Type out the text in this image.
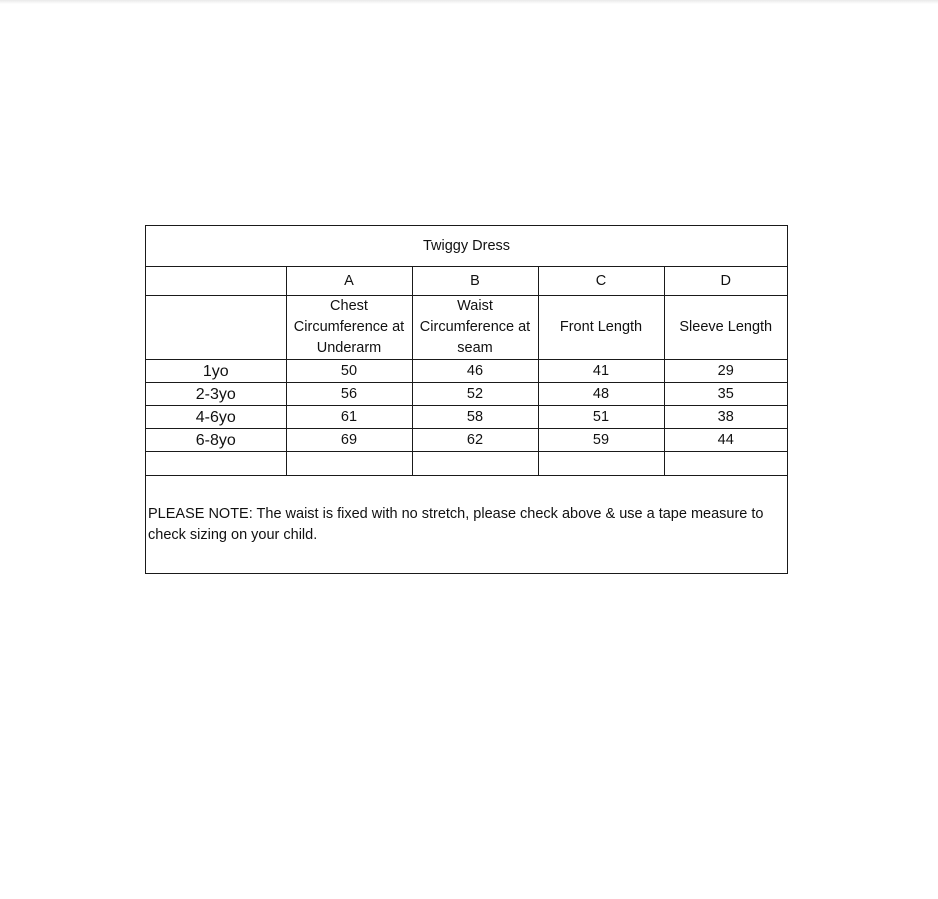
Twiggy Dress				
	A	B	C	D
	Chest Circumference at Underarm	Waist Circumference at seam	Front Length	Sleeve Length
1yo	50	46	41	29
2-3yo	56	52	48	35
4-6yo	61	58	51	38
6-8yo	69	62	59	44

PLEASE NOTE: The waist is fixed with no stretch, please check above & use a tape measure to check sizing on your child.
